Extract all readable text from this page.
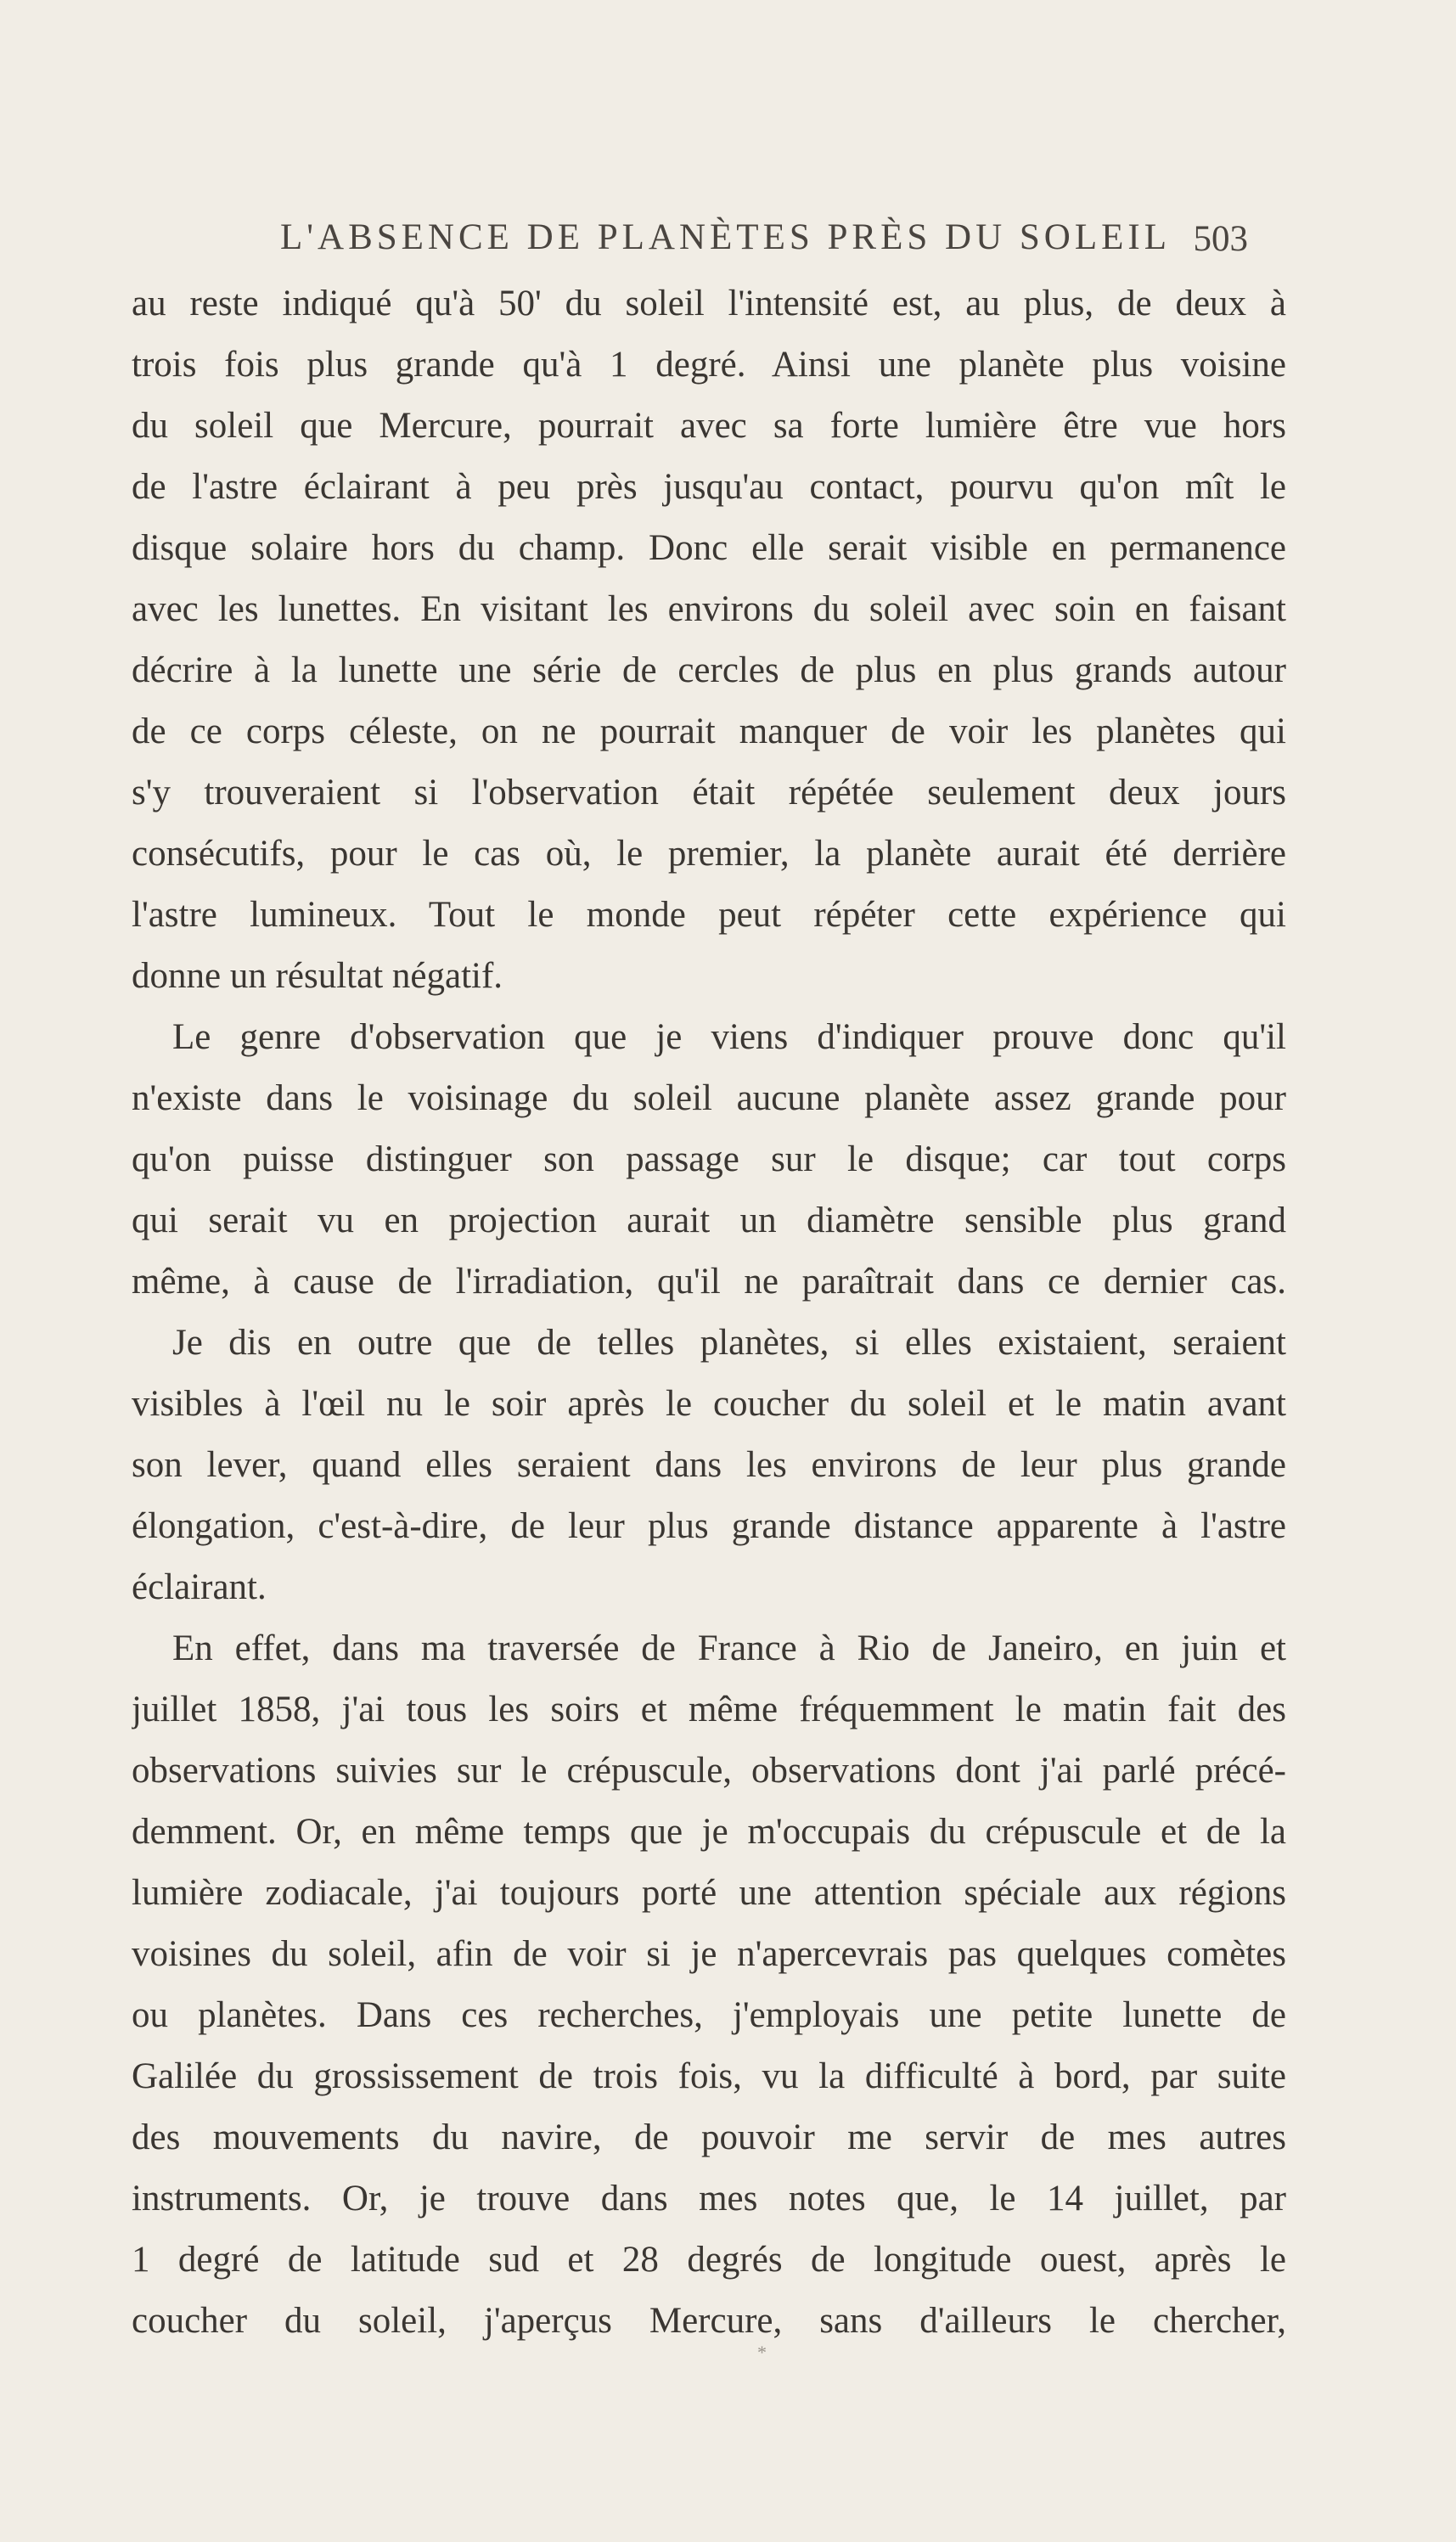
L'ABSENCE DE PLANÈTES PRÈS DU SOLEIL 503
au reste indiqué qu'à 50' du soleil l'intensité est, au plus, de deux à
trois fois plus grande qu'à 1 degré. Ainsi une planète plus voisine
du soleil que Mercure, pourrait avec sa forte lumière être vue hors
de l'astre éclairant à peu près jusqu'au contact, pourvu qu'on mît le
disque solaire hors du champ. Donc elle serait visible en permanence
avec les lunettes. En visitant les environs du soleil avec soin en faisant
décrire à la lunette une série de cercles de plus en plus grands autour
de ce corps céleste, on ne pourrait manquer de voir les planètes qui
s'y trouveraient si l'observation était répétée seulement deux jours
consécutifs, pour le cas où, le premier, la planète aurait été derrière
l'astre lumineux. Tout le monde peut répéter cette expérience qui
donne un résultat négatif.
Le genre d'observation que je viens d'indiquer prouve donc qu'il
n'existe dans le voisinage du soleil aucune planète assez grande pour
qu'on puisse distinguer son passage sur le disque; car tout corps
qui serait vu en projection aurait un diamètre sensible plus grand
même, à cause de l'irradiation, qu'il ne paraîtrait dans ce dernier cas.
Je dis en outre que de telles planètes, si elles existaient, seraient
visibles à l'œil nu le soir après le coucher du soleil et le matin avant
son lever, quand elles seraient dans les environs de leur plus grande
élongation, c'est-à-dire, de leur plus grande distance apparente à l'astre
éclairant.
En effet, dans ma traversée de France à Rio de Janeiro, en juin et
juillet 1858, j'ai tous les soirs et même fréquemment le matin fait des
observations suivies sur le crépuscule, observations dont j'ai parlé précé-
demment. Or, en même temps que je m'occupais du crépuscule et de la
lumière zodiacale, j'ai toujours porté une attention spéciale aux régions
voisines du soleil, afin de voir si je n'apercevrais pas quelques comètes
ou planètes. Dans ces recherches, j'employais une petite lunette de
Galilée du grossissement de trois fois, vu la difficulté à bord, par suite
des mouvements du navire, de pouvoir me servir de mes autres
instruments. Or, je trouve dans mes notes que, le 14 juillet, par
1 degré de latitude sud et 28 degrés de longitude ouest, après le
coucher du soleil, j'aperçus Mercure, sans d'ailleurs le chercher,
*
